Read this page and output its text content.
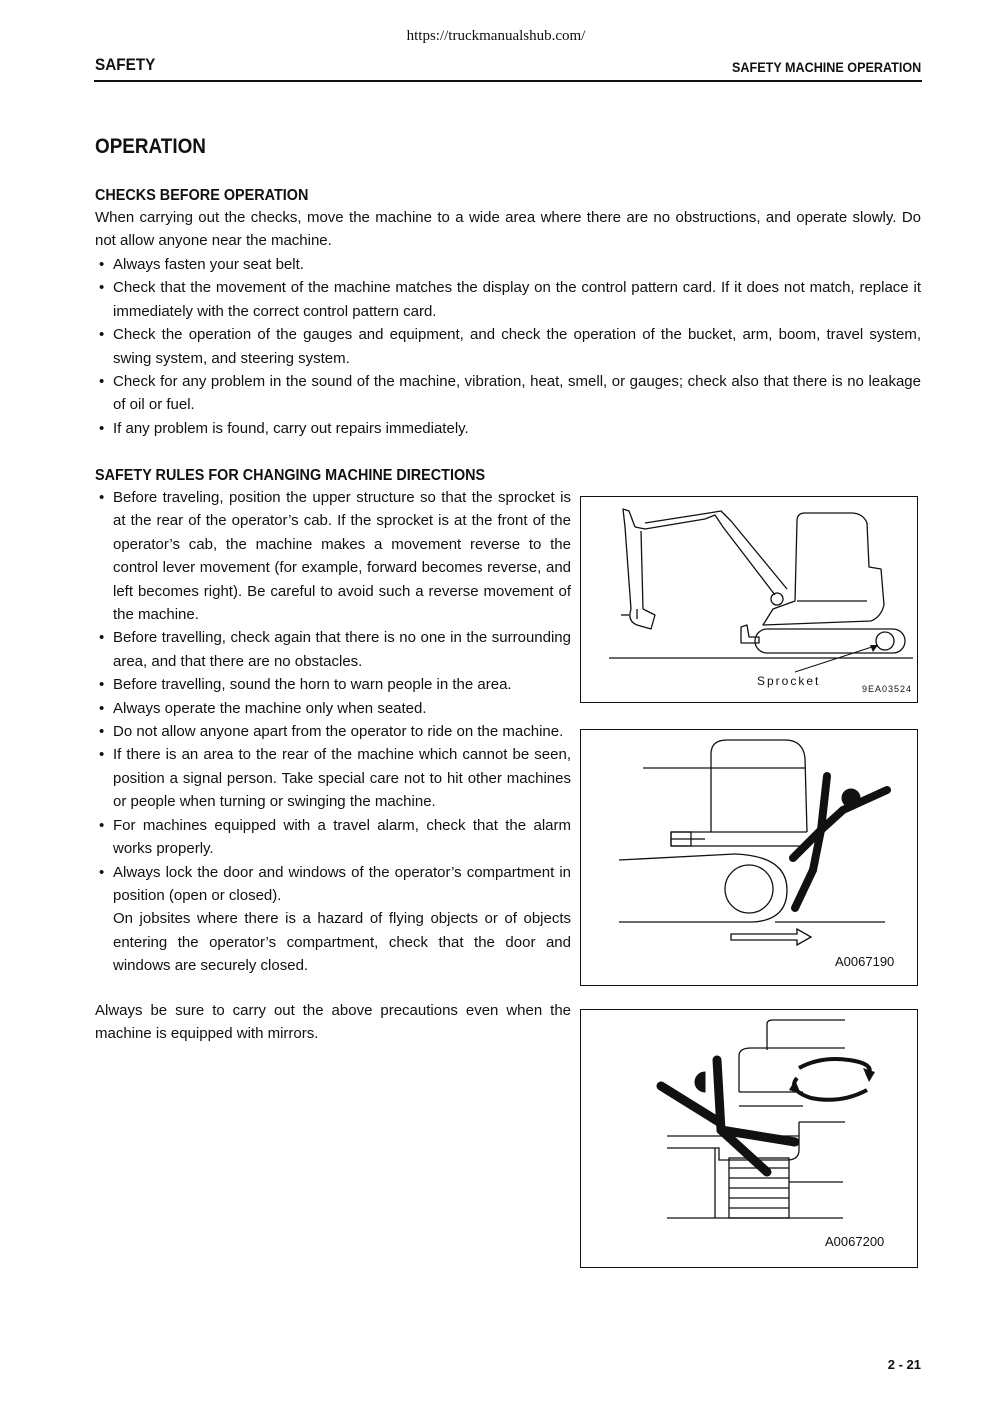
https://truckmanualshub.com/
SAFETY	SAFETY MACHINE OPERATION
OPERATION
CHECKS BEFORE OPERATION
When carrying out the checks, move the machine to a wide area where there are no obstructions, and operate slowly. Do not allow anyone near the machine.
• Always fasten your seat belt.
• Check that the movement of the machine matches the display on the control pattern card. If it does not match, replace it immediately with the correct control pattern card.
• Check the operation of the gauges and equipment, and check the operation of the bucket, arm, boom, travel system, swing system, and steering system.
• Check for any problem in the sound of the machine, vibration, heat, smell, or gauges; check also that there is no leakage of oil or fuel.
• If any problem is found, carry out repairs immediately.
SAFETY RULES FOR CHANGING MACHINE DIRECTIONS
• Before traveling, position the upper structure so that the sprocket is at the rear of the operator’s cab. If the sprocket is at the front of the operator’s cab, the machine makes a movement reverse to the control lever movement (for example, forward becomes reverse, and left becomes right). Be careful to avoid such a reverse movement of the machine.
• Before travelling, check again that there is no one in the surrounding area, and that there are no obstacles.
• Before travelling, sound the horn to warn people in the area.
• Always operate the machine only when seated.
• Do not allow anyone apart from the operator to ride on the machine.
• If there is an area to the rear of the machine which cannot be seen, position a signal person. Take special care not to hit other machines or people when turning or swinging the machine.
• For machines equipped with a travel alarm, check that the alarm works properly.
• Always lock the door and windows of the operator’s compartment in position (open or closed).
On jobsites where there is a hazard of flying objects or of objects entering the operator’s compartment, check that the door and windows are securely closed.
Always be sure to carry out the above precautions even when the machine is equipped with mirrors.
Sprocket
9EA03524
A0067190
A0067200
2 - 21
